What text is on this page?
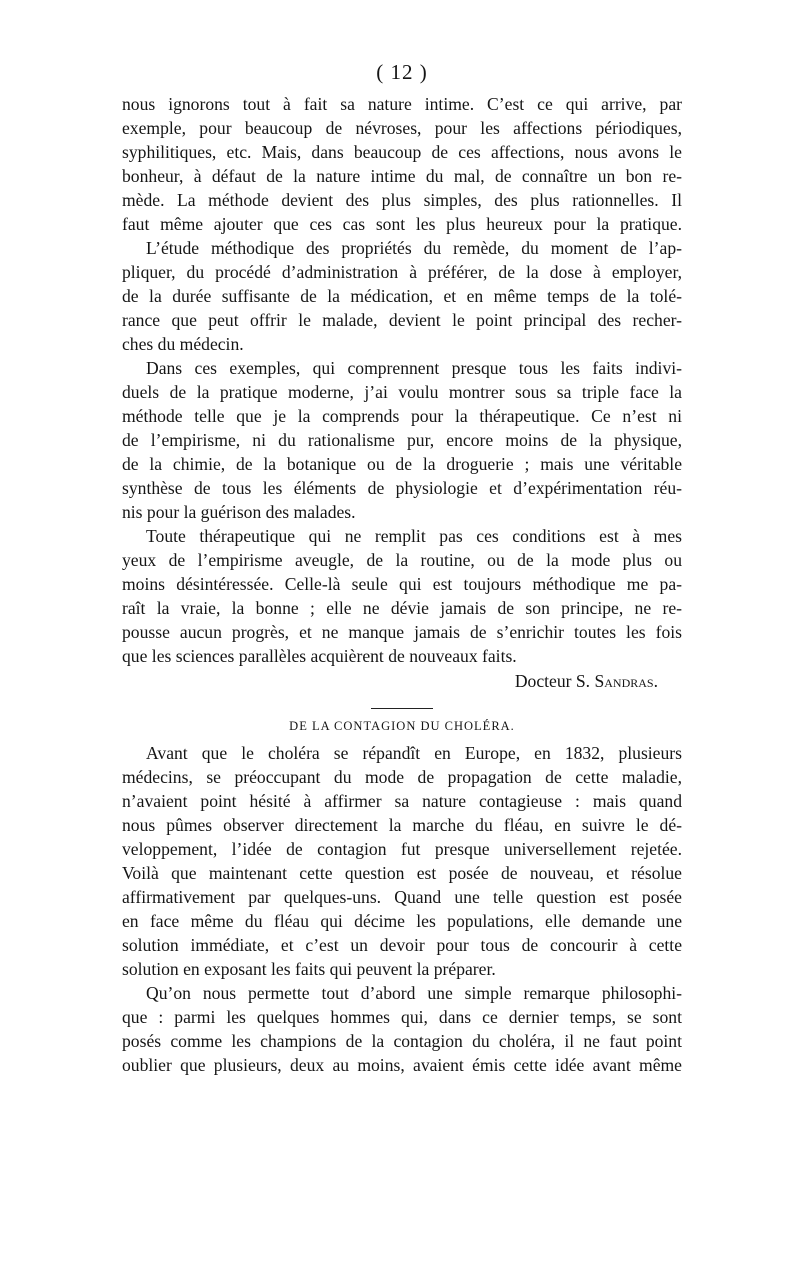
( 12 )

nous ignorons tout à fait sa nature intime. C’est ce qui arrive, par
exemple, pour beaucoup de névroses, pour les affections périodiques,
syphilitiques, etc. Mais, dans beaucoup de ces affections, nous avons le
bonheur, à défaut de la nature intime du mal, de connaître un bon re-
mède. La méthode devient des plus simples, des plus rationnelles. Il
faut même ajouter que ces cas sont les plus heureux pour la pratique.

L’étude méthodique des propriétés du remède, du moment de l’ap-
pliquer, du procédé d’administration à préférer, de la dose à employer,
de la durée suffisante de la médication, et en même temps de la tolé-
rance que peut offrir le malade, devient le point principal des recher-
ches du médecin.

Dans ces exemples, qui comprennent presque tous les faits indivi-
duels de la pratique moderne, j’ai voulu montrer sous sa triple face la
méthode telle que je la comprends pour la thérapeutique. Ce n’est ni
de l’empirisme, ni du rationalisme pur, encore moins de la physique,
de la chimie, de la botanique ou de la droguerie ; mais une véritable
synthèse de tous les éléments de physiologie et d’expérimentation réu-
nis pour la guérison des malades.

Toute thérapeutique qui ne remplit pas ces conditions est à mes
yeux de l’empirisme aveugle, de la routine, ou de la mode plus ou
moins désintéressée. Celle-là seule qui est toujours méthodique me pa-
raît la vraie, la bonne ; elle ne dévie jamais de son principe, ne re-
pousse aucun progrès, et ne manque jamais de s’enrichir toutes les fois
que les sciences parallèles acquièrent de nouveaux faits.

Docteur S. Sandras.

DE LA CONTAGION DU CHOLÉRA.

Avant que le choléra se répandît en Europe, en 1832, plusieurs
médecins, se préoccupant du mode de propagation de cette maladie,
n’avaient point hésité à affirmer sa nature contagieuse : mais quand
nous pûmes observer directement la marche du fléau, en suivre le dé-
veloppement, l’idée de contagion fut presque universellement rejetée.
Voilà que maintenant cette question est posée de nouveau, et résolue
affirmativement par quelques-uns. Quand une telle question est posée
en face même du fléau qui décime les populations, elle demande une
solution immédiate, et c’est un devoir pour tous de concourir à cette
solution en exposant les faits qui peuvent la préparer.

Qu’on nous permette tout d’abord une simple remarque philosophi-
que : parmi les quelques hommes qui, dans ce dernier temps, se sont
posés comme les champions de la contagion du choléra, il ne faut point
oublier que plusieurs, deux au moins, avaient émis cette idée avant même
